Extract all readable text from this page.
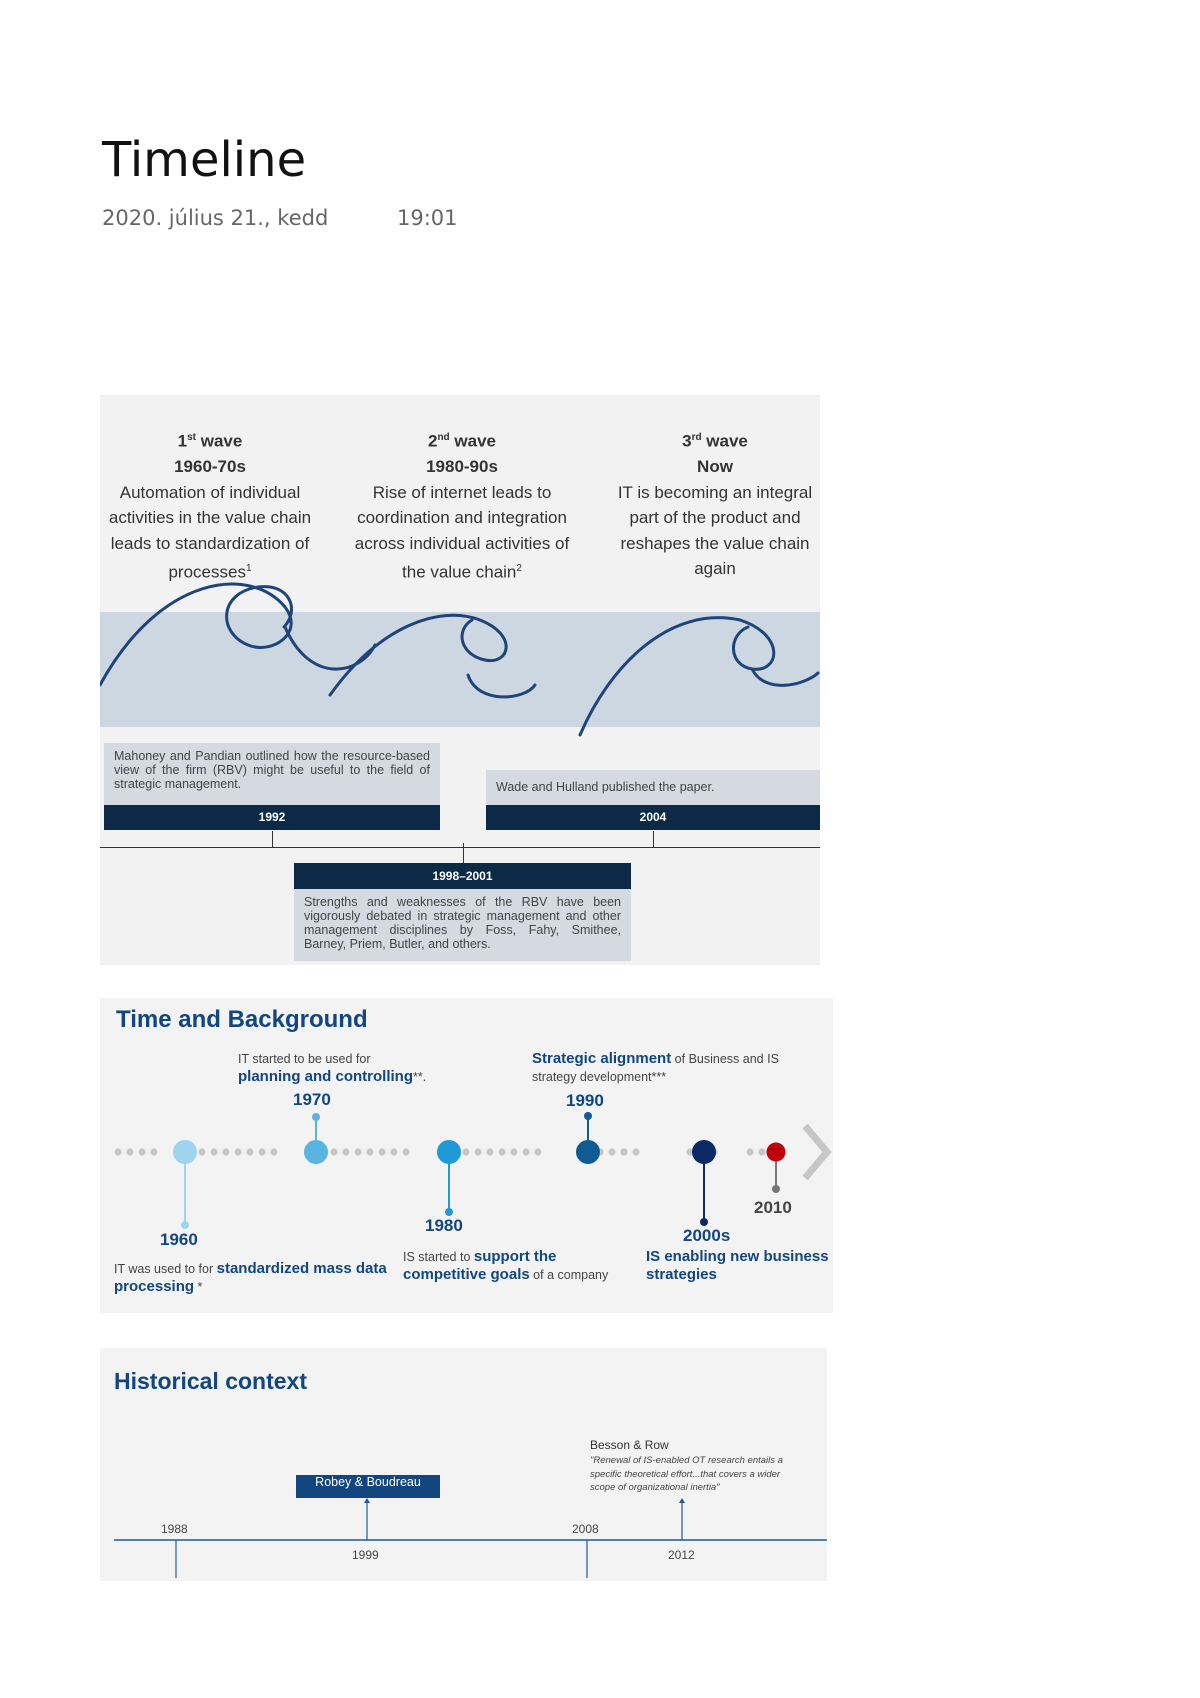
Timeline
2020. július 21., kedd	19:01
1st wave
1960-70s
Automation of individual activities in the value chain leads to standardization of processes$^1$
2nd wave
1980-90s
Rise of internet leads to coordination and integration across individual activities of the value chain$^2$
3rd wave
Now
IT is becoming an integral part of the product and reshapes the value chain again
Mahoney and Pandian outlined how the resource-based view of the firm (RBV) might be useful to the field of strategic management.
1992
Wade and Hulland published the paper.
2004
1998–2001
Strengths and weaknesses of the RBV have been vigorously debated in strategic management and other management disciplines by Foss, Fahy, Smithee, Barney, Priem, Butler, and others.
Time and Background
1960
1970
1980
1990
2000s
2010
IT started to be used for
planning and controlling**.
Strategic alignment of Business and IS strategy development***
IT was used to for standardized mass data processing *
IS started to support the competitive goals of a company
IS enabling new business strategies
Historical context
Robey & Boudreau
Besson & Row
"Renewal of IS-enabled OT research entails a specific theoretical effort...that covers a wider scope of organizational inertia"
1988
1999
2008
2012
